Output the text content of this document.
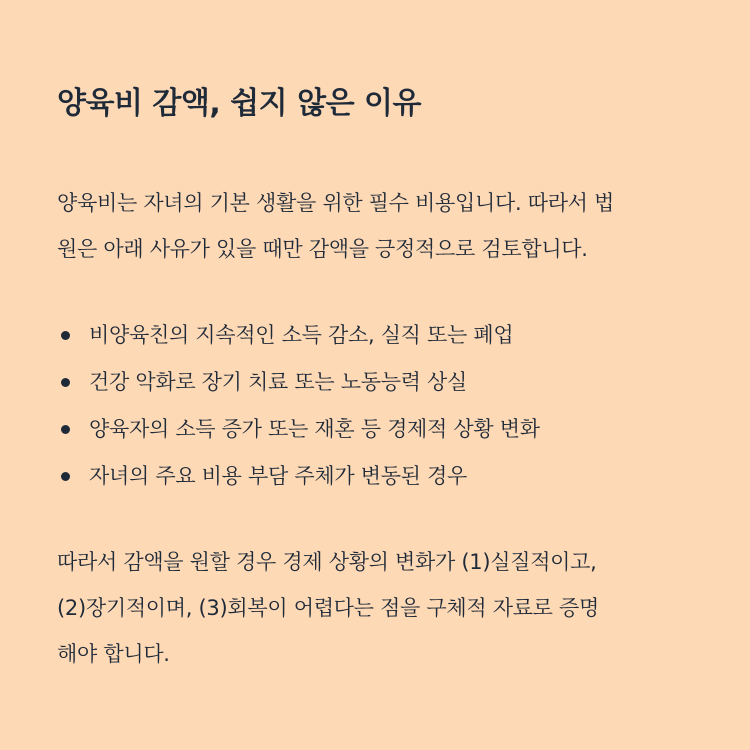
양육비 감액, 쉽지 않은 이유

양육비는 자녀의 기본 생활을 위한 필수 비용입니다. 따라서 법
원은 아래 사유가 있을 때만 감액을 긍정적으로 검토합니다.

비양육친의 지속적인 소득 감소, 실직 또는 폐업
건강 악화로 장기 치료 또는 노동능력 상실
양육자의 소득 증가 또는 재혼 등 경제적 상황 변화
자녀의 주요 비용 부담 주체가 변동된 경우

따라서 감액을 원할 경우 경제 상황의 변화가 (1)실질적이고,
(2)장기적이며, (3)회복이 어렵다는 점을 구체적 자료로 증명
해야 합니다.
